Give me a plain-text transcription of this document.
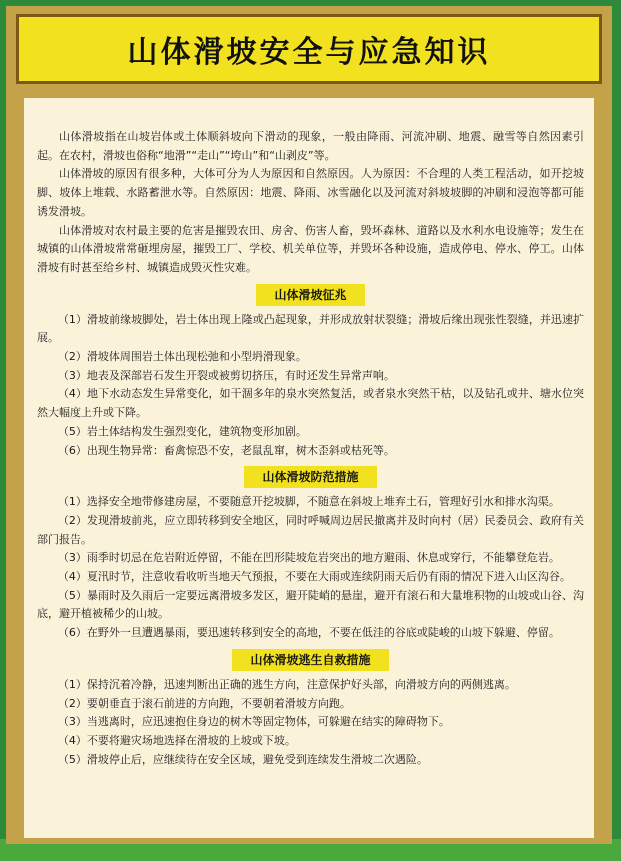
山体滑坡安全与应急知识

山体滑坡指在山坡岩体或土体顺斜坡向下滑动的现象，一般由降雨、河流冲刷、地震、融雪等自然因素引起。在农村，滑坡也俗称“地滑”“走山”“垮山”和“山剥皮”等。

山体滑坡的原因有很多种，大体可分为人为原因和自然原因。人为原因：不合理的人类工程活动，如开挖坡脚、坡体上堆载、水路蓄泄水等。自然原因：地震、降雨、冰雪融化以及河流对斜坡坡脚的冲刷和浸泡等都可能诱发滑坡。

山体滑坡对农村最主要的危害是摧毁农田、房舍、伤害人畜，毁坏森林、道路以及水利水电设施等；发生在城镇的山体滑坡常常砸埋房屋，摧毁工厂、学校、机关单位等，并毁坏各种设施，造成停电、停水、停工。山体滑坡有时甚至给乡村、城镇造成毁灭性灾难。

山体滑坡征兆

（1）滑坡前缘坡脚处，岩土体出现上隆或凸起现象，并形成放射状裂缝；滑坡后缘出现张性裂缝，并迅速扩展。

（2）滑坡体周围岩土体出现松弛和小型坍滑现象。

（3）地表及深部岩石发生开裂或被剪切挤压，有时还发生异常声响。

（4）地下水动态发生异常变化，如干涸多年的泉水突然复活，或者泉水突然干枯，以及钻孔或井、塘水位突然大幅度上升或下降。

（5）岩土体结构发生强烈变化，建筑物变形加剧。

（6）出现生物异常：畜禽惊恐不安，老鼠乱窜，树木歪斜或枯死等。

山体滑坡防范措施

（1）选择安全地带修建房屋，不要随意开挖坡脚，不随意在斜坡上堆弃土石，管理好引水和排水沟渠。

（2）发现滑坡前兆，应立即转移到安全地区，同时呼喊周边居民撤离并及时向村（居）民委员会、政府有关部门报告。

（3）雨季时切忌在危岩附近停留，不能在凹形陡坡危岩突出的地方避雨、休息或穿行，不能攀登危岩。

（4）夏汛时节，注意收看收听当地天气预报，不要在大雨或连续阴雨天后仍有雨的情况下进入山区沟谷。

（5）暴雨时及久雨后一定要远离滑坡多发区，避开陡峭的悬崖，避开有滚石和大量堆积物的山坡或山谷、沟底，避开植被稀少的山坡。

（6）在野外一旦遭遇暴雨，要迅速转移到安全的高地，不要在低洼的谷底或陡峻的山坡下躲避、停留。

山体滑坡逃生自救措施

（1）保持沉着冷静，迅速判断出正确的逃生方向，注意保护好头部，向滑坡方向的两侧逃离。

（2）要朝垂直于滚石前进的方向跑，不要朝着滑坡方向跑。

（3）当逃离时，应迅速抱住身边的树木等固定物体，可躲避在结实的障碍物下。

（4）不要将避灾场地选择在滑坡的上坡或下坡。

（5）滑坡停止后，应继续待在安全区域，避免受到连续发生滑坡二次遇险。
